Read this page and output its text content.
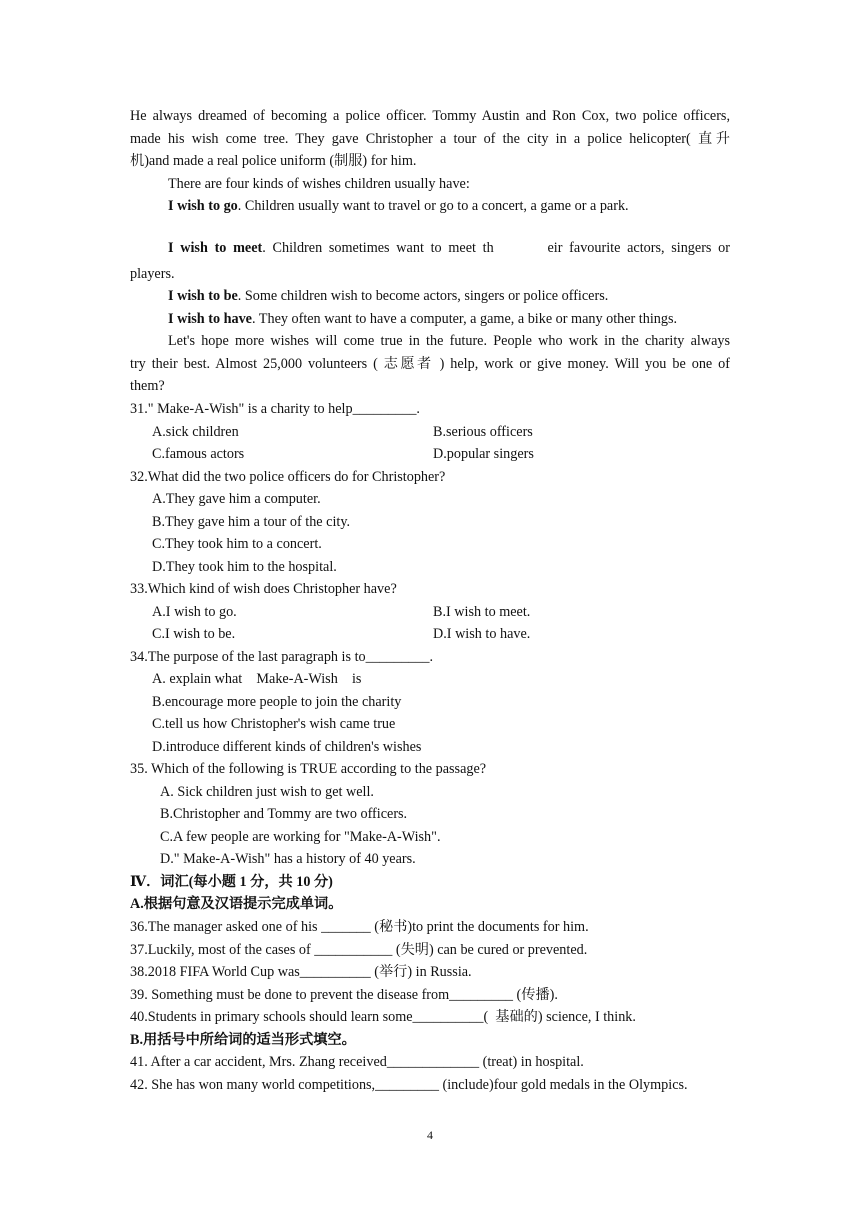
He always dreamed of becoming a police officer. Tommy Austin and Ron Cox, two police officers,
made his wish come tree. They gave Christopher a tour of the city in a police helicopter( 直升
机)and made a real police uniform (制服) for him.
There are four kinds of wishes children usually have:
I wish to go. Children usually want to travel or go to a concert, a game or a park.
I wish to meet. Children sometimes want to meet th        eir favourite actors, singers or
players.
I wish to be. Some children wish to become actors, singers or police officers.
I wish to have. They often want to have a computer, a game, a bike or many other things.
Let's hope more wishes will come true in the future. People who work in the charity always
try their best. Almost 25,000 volunteers ( 志愿者 ) help, work or give money. Will you be one of
them?
31." Make-A-Wish" is a charity to help_________.
A.sick children	B.serious officers
C.famous actors	D.popular singers
32.What did the two police officers do for Christopher?
A.They gave him a computer.
B.They gave him a tour of the city.
C.They took him to a concert.
D.They took him to the hospital.
33.Which kind of wish does Christopher have?
A.I wish to go.	B.I wish to meet.
C.I wish to be.	D.I wish to have.
34.The purpose of the last paragraph is to_________.
A. explain what    Make-A-Wish    is
B.encourage more people to join the charity
C.tell us how Christopher's wish came true
D.introduce different kinds of children's wishes
35. Which of the following is TRUE according to the passage?
A. Sick children just wish to get well.
B.Christopher and Tommy are two officers.
C.A few people are working for "Make-A-Wish".
D." Make-A-Wish" has a history of 40 years.
Ⅳ．词汇(每小题 1 分，共 10 分)
A.根据句意及汉语提示完成单词。
36.The manager asked one of his _______ (秘书)to print the documents for him.
37.Luckily, most of the cases of ___________ (失明) can be cured or prevented.
38.2018 FIFA World Cup was__________ (举行) in Russia.
39. Something must be done to prevent the disease from_________ (传播).
40.Students in primary schools should learn some__________(  基础的) science, I think.
B.用括号中所给词的适当形式填空。
41. After a car accident, Mrs. Zhang received_____________ (treat) in hospital.
42. She has won many world competitions,_________ (include)four gold medals in the Olympics.
4
